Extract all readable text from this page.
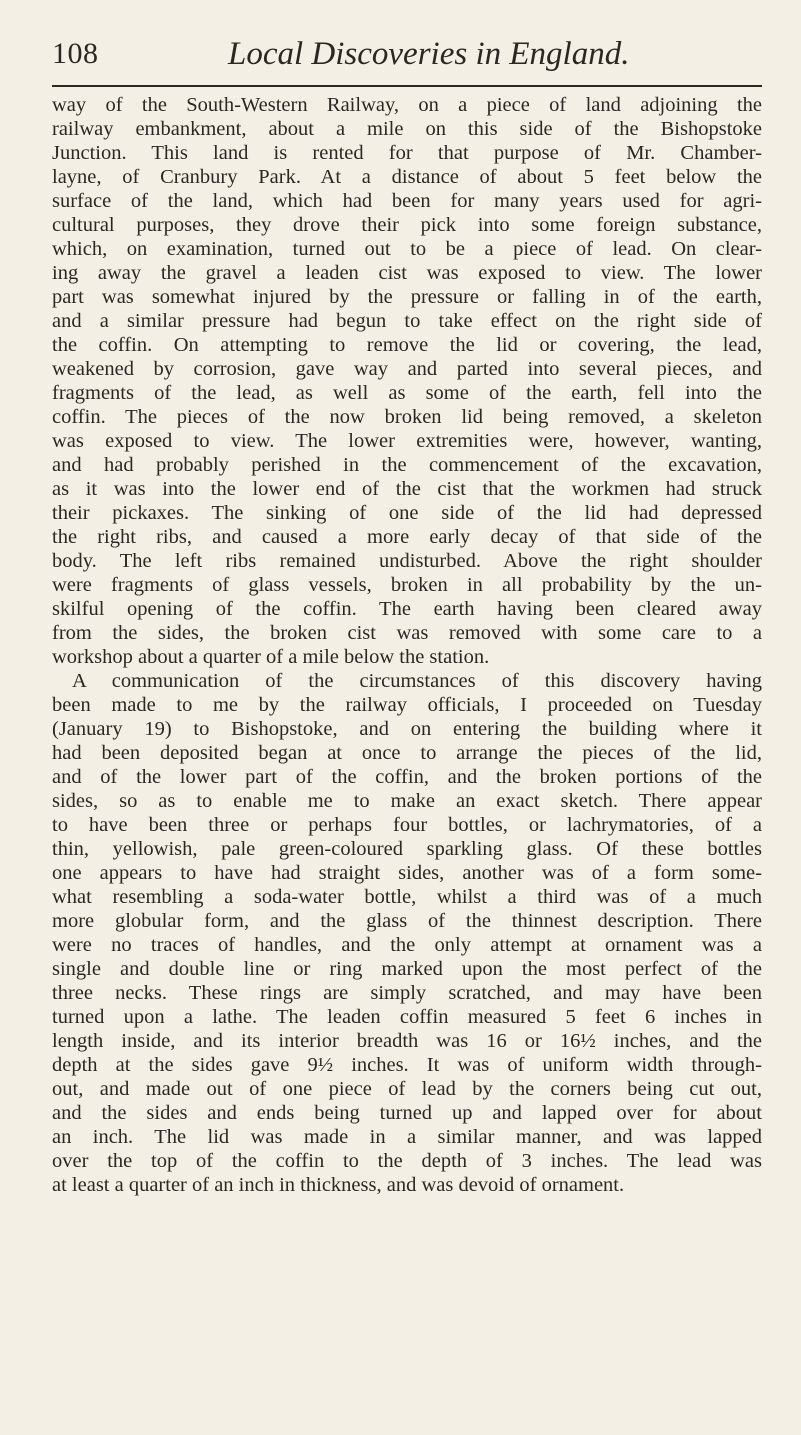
108	Local Discoveries in England.
way of the South-Western Railway, on a piece of land adjoining the
railway embankment, about a mile on this side of the Bishopstoke
Junction. This land is rented for that purpose of Mr. Chamber-
layne, of Cranbury Park. At a distance of about 5 feet below the
surface of the land, which had been for many years used for agri-
cultural purposes, they drove their pick into some foreign substance,
which, on examination, turned out to be a piece of lead. On clear-
ing away the gravel a leaden cist was exposed to view. The lower
part was somewhat injured by the pressure or falling in of the earth,
and a similar pressure had begun to take effect on the right side of
the coffin. On attempting to remove the lid or covering, the lead,
weakened by corrosion, gave way and parted into several pieces, and
fragments of the lead, as well as some of the earth, fell into the
coffin. The pieces of the now broken lid being removed, a skeleton
was exposed to view. The lower extremities were, however, wanting,
and had probably perished in the commencement of the excavation,
as it was into the lower end of the cist that the workmen had struck
their pickaxes. The sinking of one side of the lid had depressed
the right ribs, and caused a more early decay of that side of the
body. The left ribs remained undisturbed. Above the right shoulder
were fragments of glass vessels, broken in all probability by the un-
skilful opening of the coffin. The earth having been cleared away
from the sides, the broken cist was removed with some care to a
workshop about a quarter of a mile below the station.
A communication of the circumstances of this discovery having
been made to me by the railway officials, I proceeded on Tuesday
(January 19) to Bishopstoke, and on entering the building where it
had been deposited began at once to arrange the pieces of the lid,
and of the lower part of the coffin, and the broken portions of the
sides, so as to enable me to make an exact sketch. There appear
to have been three or perhaps four bottles, or lachrymatories, of a
thin, yellowish, pale green-coloured sparkling glass. Of these bottles
one appears to have had straight sides, another was of a form some-
what resembling a soda-water bottle, whilst a third was of a much
more globular form, and the glass of the thinnest description. There
were no traces of handles, and the only attempt at ornament was a
single and double line or ring marked upon the most perfect of the
three necks. These rings are simply scratched, and may have been
turned upon a lathe. The leaden coffin measured 5 feet 6 inches in
length inside, and its interior breadth was 16 or 16½ inches, and the
depth at the sides gave 9½ inches. It was of uniform width through-
out, and made out of one piece of lead by the corners being cut out,
and the sides and ends being turned up and lapped over for about
an inch. The lid was made in a similar manner, and was lapped
over the top of the coffin to the depth of 3 inches. The lead was
at least a quarter of an inch in thickness, and was devoid of ornament.
